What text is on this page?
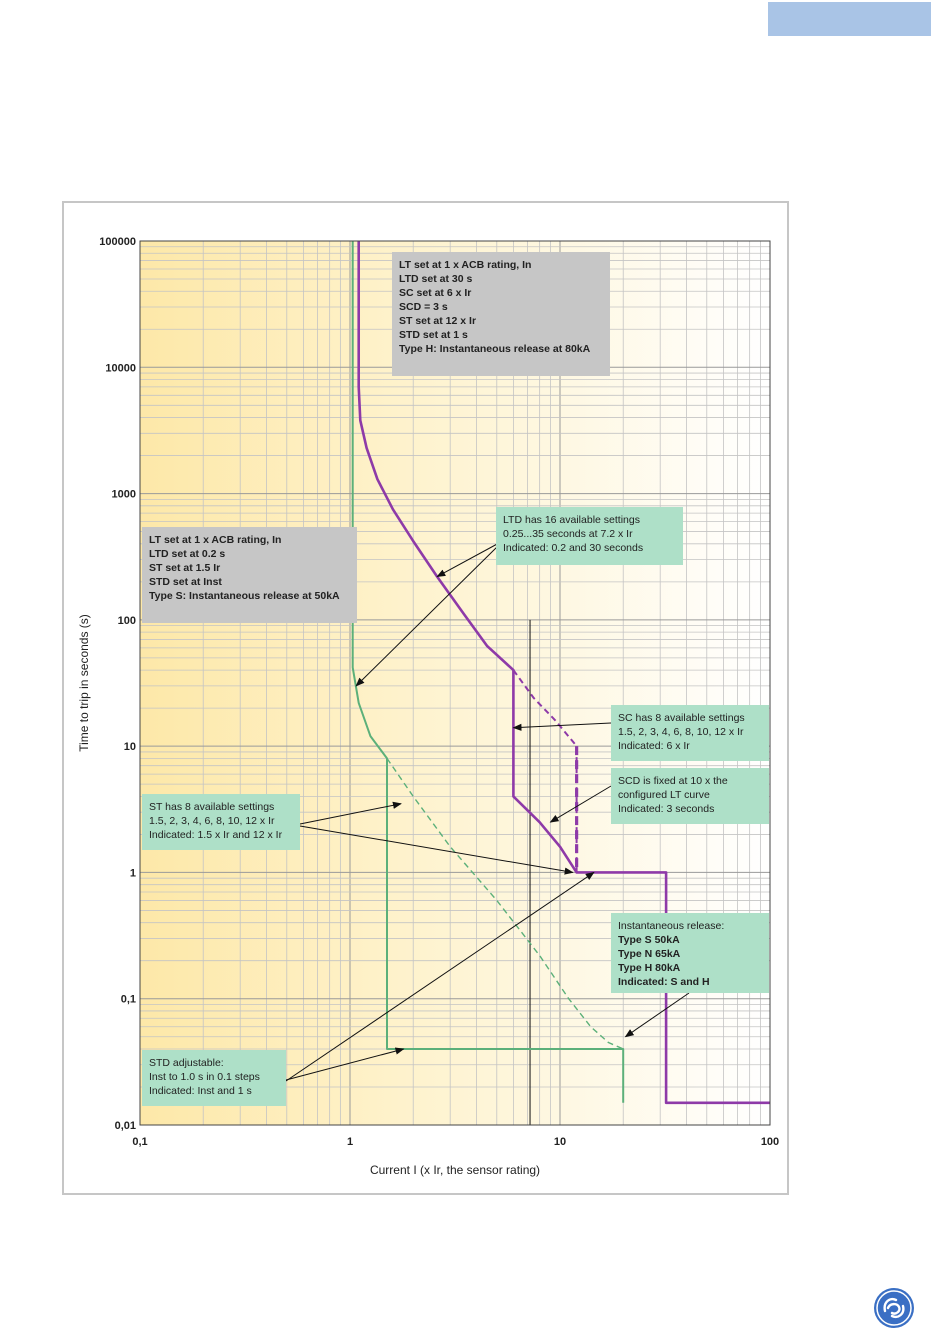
0,1	1	10	100
0,01
0,1
1
10
100
1000
10000
100000
Current I (x Ir, the sensor rating)
Time to trip in seconds (s)
LT set at 1 x ACB rating, In
LTD set at 30 s
SC set at 6 x Ir
SCD = 3 s
ST set at 12 x Ir
STD set at 1 s
Type H: Instantaneous release at 80kA
LT set at 1 x ACB rating, In
LTD set at 0.2 s
ST set at 1.5 Ir
STD set at Inst
Type S: Instantaneous release at 50kA
LTD has 16 available settings
0.25...35 seconds at 7.2 x Ir
Indicated: 0.2 and 30 seconds
SC has 8 available settings
1.5, 2, 3, 4, 6, 8, 10, 12 x Ir
Indicated: 6 x Ir
SCD is fixed at 10 x the
configured LT curve
Indicated: 3 seconds
ST has 8 available settings
1.5, 2, 3, 4, 6, 8, 10, 12 x Ir
Indicated: 1.5 x Ir and 12 x Ir
Instantaneous release:
Type S 50kA
Type N 65kA
Type H 80kA
Indicated: S and H
STD adjustable:
Inst to 1.0 s in 0.1 steps
Indicated: Inst and 1 s
